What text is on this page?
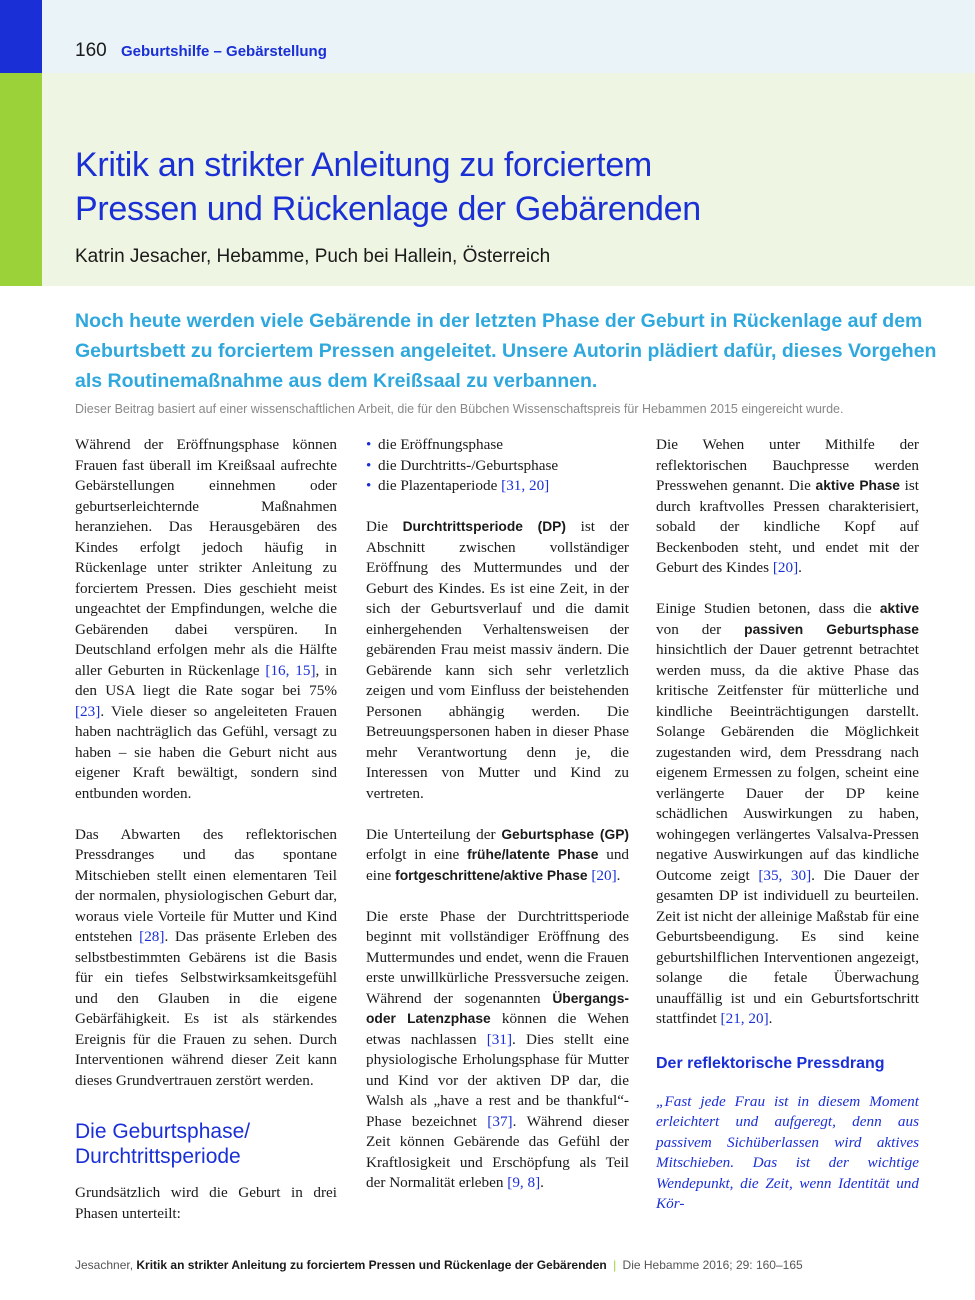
160 Geburtshilfe – Gebärstellung
Kritik an strikter Anleitung zu forciertem
Pressen und Rückenlage der Gebärenden
Katrin Jesacher, Hebamme, Puch bei Hallein, Österreich

Noch heute werden viele Gebärende in der letzten Phase der Geburt in Rückenlage auf dem Geburtsbett zu forciertem Pressen angeleitet. Unsere Autorin plädiert dafür, dieses Vorgehen als Routinemaßnahme aus dem Kreißsaal zu verbannen.

Dieser Beitrag basiert auf einer wissenschaftlichen Arbeit, die für den Bübchen Wissenschaftspreis für Hebammen 2015 eingereicht wurde.

Während der Eröffnungsphase können Frauen fast überall im Kreißsaal aufrechte Gebärstellungen einnehmen oder geburtserleichternde Maßnahmen heranziehen. Das Herausgebären des Kindes erfolgt jedoch häufig in Rückenlage unter strikter Anleitung zu forciertem Pressen. Dies geschieht meist ungeachtet der Empfindungen, welche die Gebärenden dabei verspüren. In Deutschland erfolgen mehr als die Hälfte aller Geburten in Rückenlage [16, 15], in den USA liegt die Rate sogar bei 75% [23]. Viele dieser so angeleiteten Frauen haben nachträglich das Gefühl, versagt zu haben – sie haben die Geburt nicht aus eigener Kraft bewältigt, sondern sind entbunden worden.

Das Abwarten des reflektorischen Pressdranges und das spontane Mitschieben stellt einen elementaren Teil der normalen, physiologischen Geburt dar, woraus viele Vorteile für Mutter und Kind entstehen [28]. Das präsente Erleben des selbstbestimmten Gebärens ist die Basis für ein tiefes Selbstwirksamkeitsgefühl und den Glauben in die eigene Gebärfähigkeit. Es ist als stärkendes Ereignis für die Frauen zu sehen. Durch Interventionen während dieser Zeit kann dieses Grundvertrauen zerstört werden.

Die Geburtsphase/
Durchtrittsperiode

Grundsätzlich wird die Geburt in drei Phasen unterteilt:

• die Eröffnungsphase
• die Durchtritts-/Geburtsphase
• die Plazentaperiode [31, 20]

Die Durchtrittsperiode (DP) ist der Abschnitt zwischen vollständiger Eröffnung des Muttermundes und der Geburt des Kindes. Es ist eine Zeit, in der sich der Geburtsverlauf und die damit einhergehenden Verhaltensweisen der gebärenden Frau meist massiv ändern. Die Gebärende kann sich sehr verletzlich zeigen und vom Einfluss der beistehenden Personen abhängig werden. Die Betreuungspersonen haben in dieser Phase mehr Verantwortung denn je, die Interessen von Mutter und Kind zu vertreten.

Die Unterteilung der Geburtsphase (GP) erfolgt in eine frühe/latente Phase und eine fortgeschrittene/aktive Phase [20].

Die erste Phase der Durchtrittsperiode beginnt mit vollständiger Eröffnung des Muttermundes und endet, wenn die Frauen erste unwillkürliche Pressversuche zeigen. Während der sogenannten Übergangs- oder Latenzphase können die Wehen etwas nachlassen [31]. Dies stellt eine physiologische Erholungsphase für Mutter und Kind vor der aktiven DP dar, die Walsh als „have a rest and be thankful“-Phase bezeichnet [37]. Während dieser Zeit können Gebärende das Gefühl der Kraftlosigkeit und Erschöpfung als Teil der Normalität erleben [9, 8].

Die Wehen unter Mithilfe der reflektorischen Bauchpresse werden Presswehen genannt. Die aktive Phase ist durch kraftvolles Pressen charakterisiert, sobald der kindliche Kopf auf Beckenboden steht, und endet mit der Geburt des Kindes [20].

Einige Studien betonen, dass die aktive von der passiven Geburtsphase hinsichtlich der Dauer getrennt betrachtet werden muss, da die aktive Phase das kritische Zeitfenster für mütterliche und kindliche Beeinträchtigungen darstellt. Solange Gebärenden die Möglichkeit zugestanden wird, dem Pressdrang nach eigenem Ermessen zu folgen, scheint eine verlängerte Dauer der DP keine schädlichen Auswirkungen zu haben, wohingegen verlängertes Valsalva-Pressen negative Auswirkungen auf das kindliche Outcome zeigt [35, 30]. Die Dauer der gesamten DP ist individuell zu beurteilen. Zeit ist nicht der alleinige Maßstab für eine Geburtsbeendigung. Es sind keine geburtshilflichen Interventionen angezeigt, solange die fetale Überwachung unauffällig ist und ein Geburtsfortschritt stattfindet [21, 20].

Der reflektorische Pressdrang

„Fast jede Frau ist in diesem Moment erleichtert und aufgeregt, denn aus passivem Sichüberlassen wird aktives Mitschieben. Das ist der wichtige Wendepunkt, die Zeit, wenn Identität und Kör-

Jesachner, Kritik an strikter Anleitung zu forciertem Pressen und Rückenlage der Gebärenden | Die Hebamme 2016; 29: 160–165
